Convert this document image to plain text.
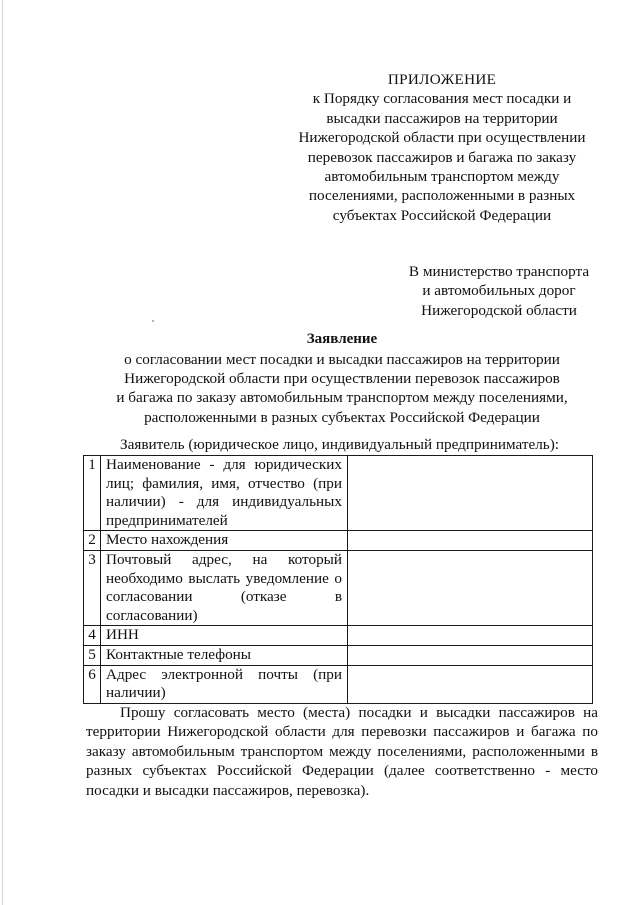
ПРИЛОЖЕНИЕ
к Порядку согласования мест посадки и
высадки пассажиров на территории
Нижегородской области при осуществлении
перевозок пассажиров и багажа по заказу
автомобильным транспортом между
поселениями, расположенными в разных
субъектах Российской Федерации
В министерство транспорта
и автомобильных дорог
Нижегородской области
Заявление
о согласовании мест посадки и высадки пассажиров на территории
Нижегородской области при осуществлении перевозок пассажиров
и багажа по заказу автомобильным транспортом между поселениями,
расположенными в разных субъектах Российской Федерации
Заявитель (юридическое лицо, индивидуальный предприниматель):
1	Наименование - для юридических лиц; фамилия, имя, отчество (при наличии) - для индивидуальных предпринимателей	
2	Место нахождения	
3	Почтовый адрес, на который необходимо выслать уведомление о согласовании (отказе в согласовании)	
4	ИНН	
5	Контактные телефоны	
6	Адрес электронной почты (при наличии)	
Прошу согласовать место (места) посадки и высадки пассажиров на территории Нижегородской области для перевозки пассажиров и багажа по заказу автомобильным транспортом между поселениями, расположенными в разных субъектах Российской Федерации (далее соответственно - место посадки и высадки пассажиров, перевозка).
